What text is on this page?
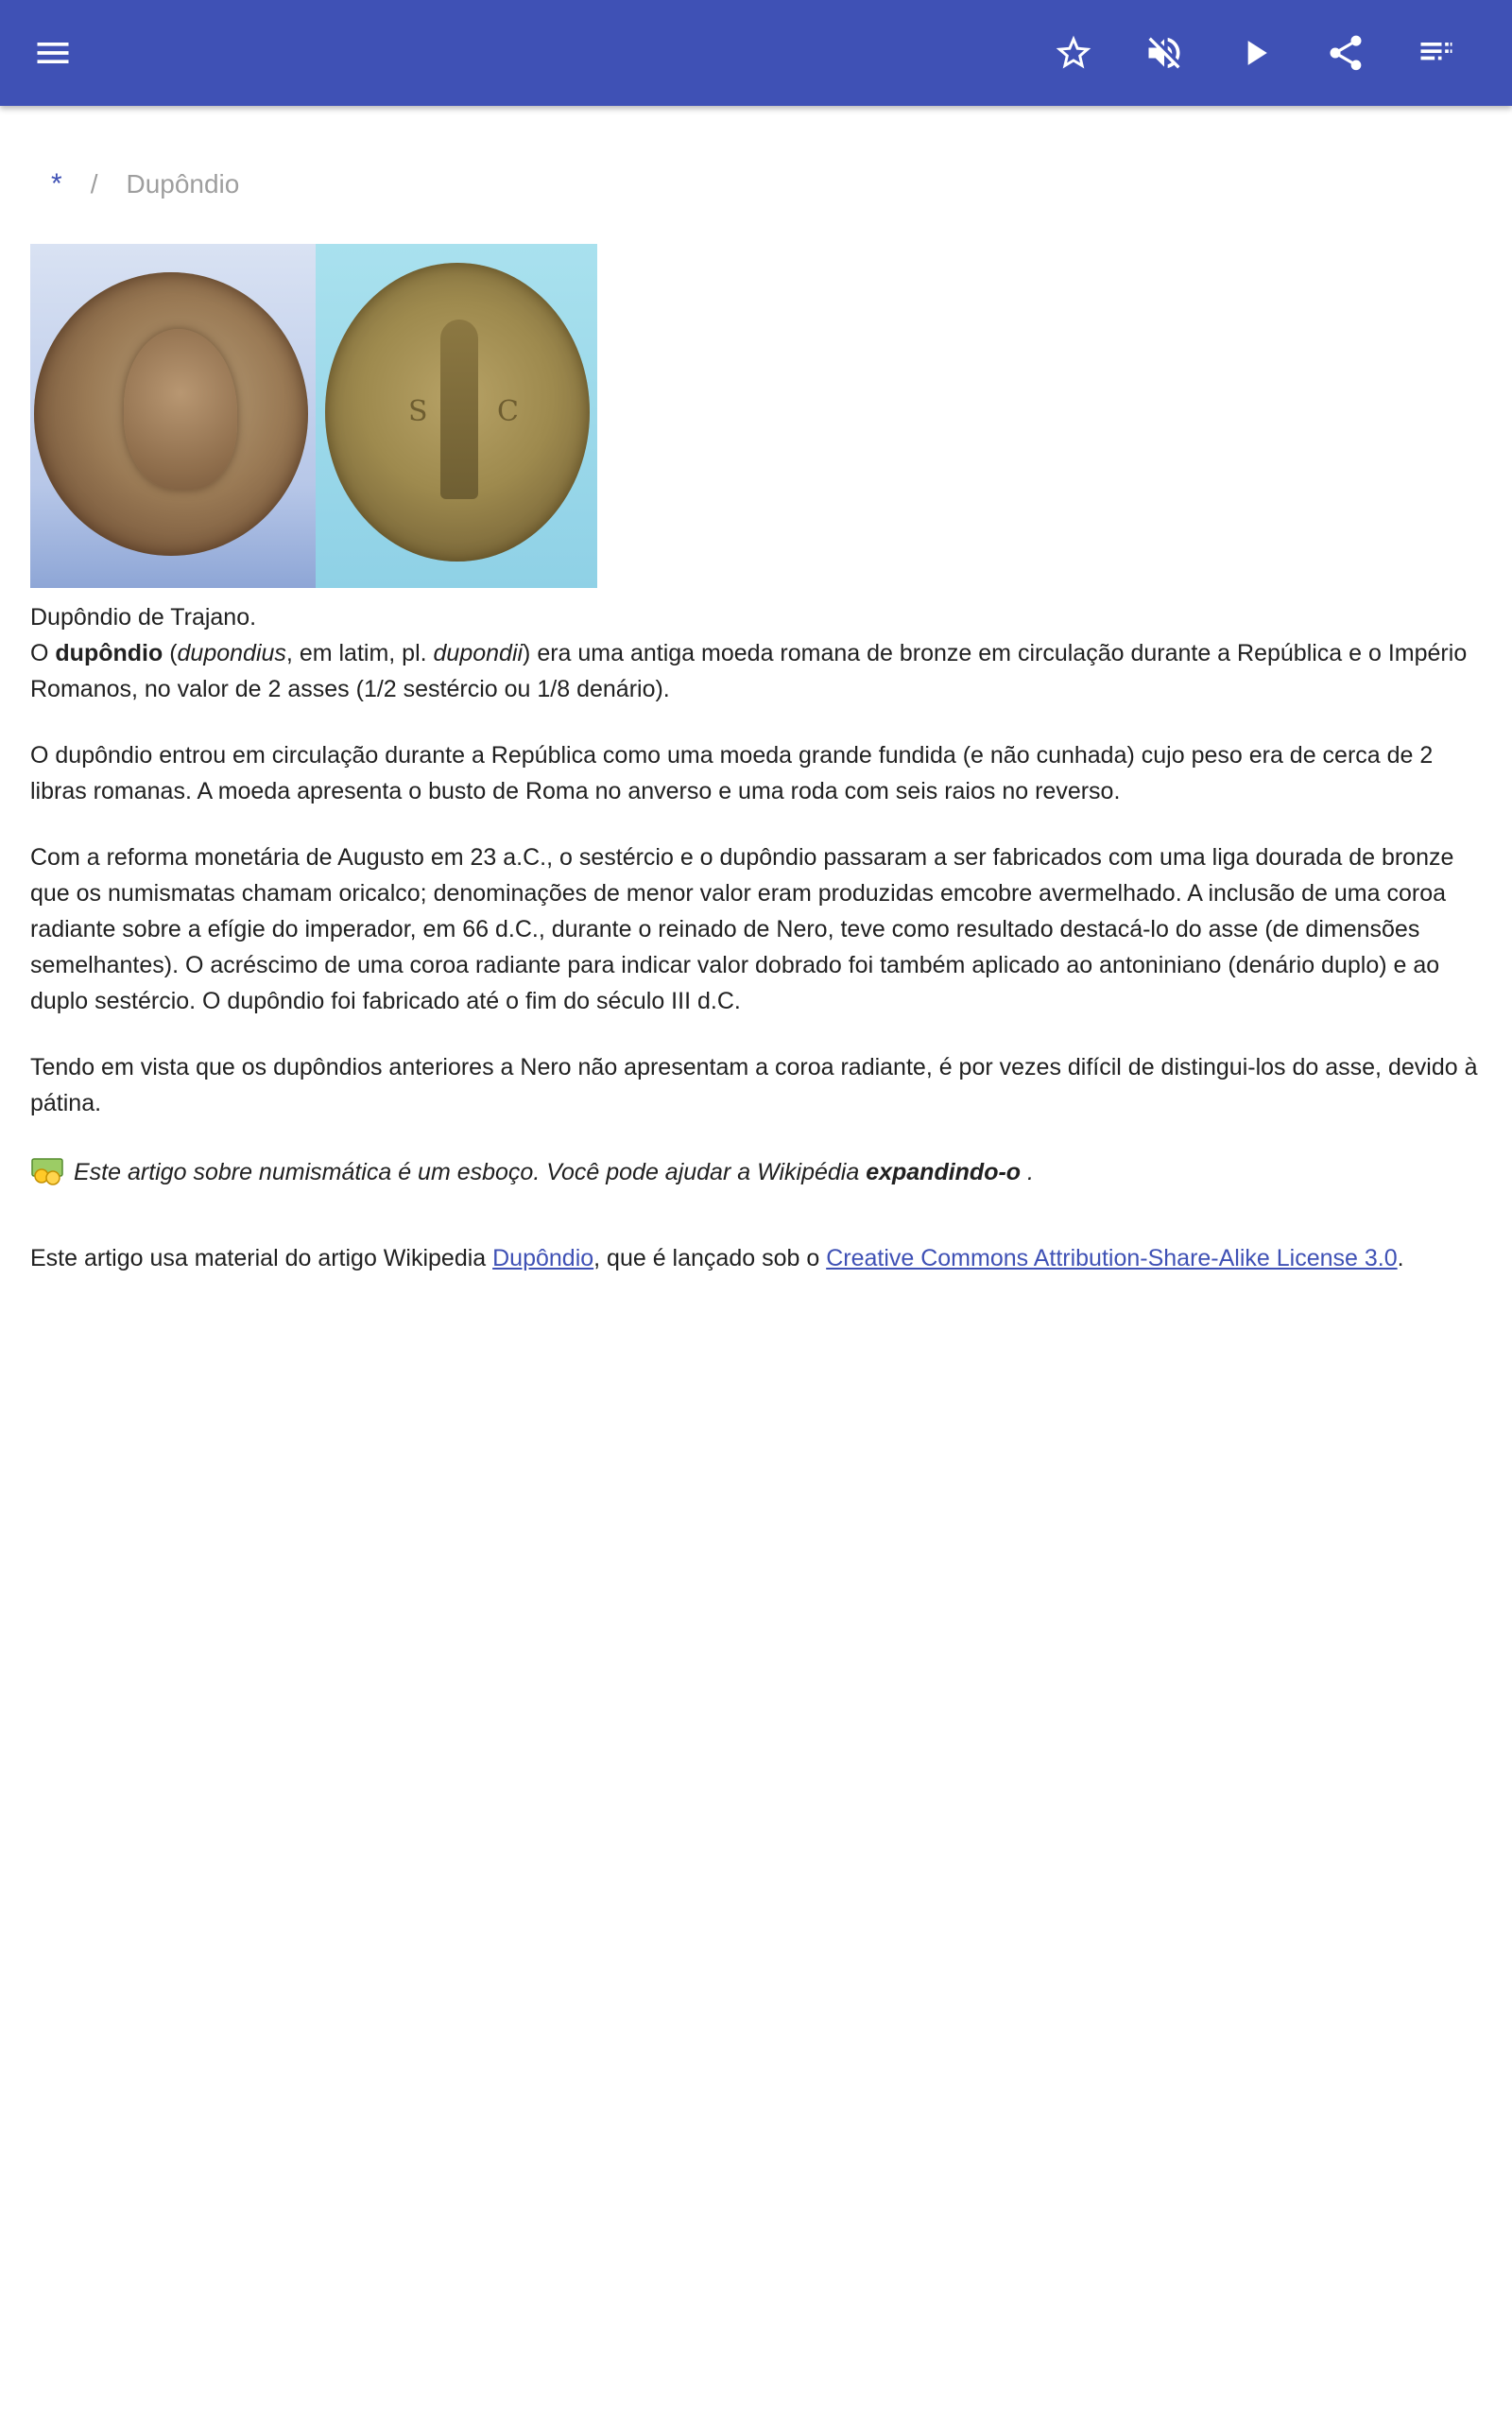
* / Dupôndio
S C
Dupôndio de Trajano.

O dupôndio (dupondius, em latim, pl. dupondii) era uma antiga moeda romana de bronze em circulação durante a República e o Império Romanos, no valor de 2 asses (1/2 sestércio ou 1/8 denário).

O dupôndio entrou em circulação durante a República como uma moeda grande fundida (e não cunhada) cujo peso era de cerca de 2 libras romanas. A moeda apresenta o busto de Roma no anverso e uma roda com seis raios no reverso.

Com a reforma monetária de Augusto em 23 a.C., o sestércio e o dupôndio passaram a ser fabricados com uma liga dourada de bronze que os numismatas chamam oricalco; denominações de menor valor eram produzidas emcobre avermelhado. A inclusão de uma coroa radiante sobre a efígie do imperador, em 66 d.C., durante o reinado de Nero, teve como resultado destacá-lo do asse (de dimensões semelhantes). O acréscimo de uma coroa radiante para indicar valor dobrado foi também aplicado ao antoniniano (denário duplo) e ao duplo sestércio. O dupôndio foi fabricado até o fim do século III d.C.

Tendo em vista que os dupôndios anteriores a Nero não apresentam a coroa radiante, é por vezes difícil de distingui-los do asse, devido à pátina.

Este artigo sobre numismática é um esboço. Você pode ajudar a Wikipédia expandindo-o .

Este artigo usa material do artigo Wikipedia Dupôndio, que é lançado sob o Creative Commons Attribution-Share-Alike License 3.0.
